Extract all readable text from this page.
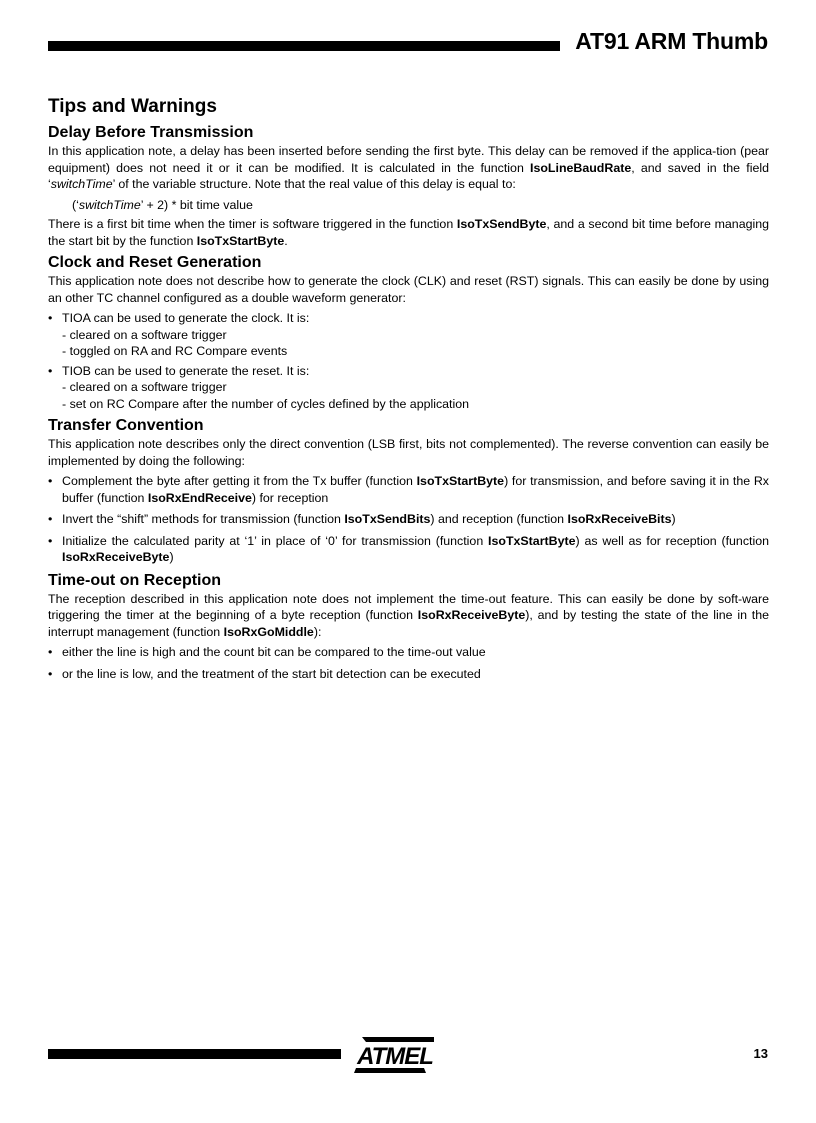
AT91 ARM Thumb
Tips and Warnings
Delay Before Transmission

In this application note, a delay has been inserted before sending the first byte. This delay can be removed if the applica-tion (pear equipment) does not need it or it can be modified. It is calculated in the function IsoLineBaudRate, and saved in the field ‘switchTime’ of the variable structure. Note that the real value of this delay is equal to:

(‘switchTime’ + 2) * bit time value

There is a first bit time when the timer is software triggered in the function IsoTxSendByte, and a second bit time before managing the start bit by the function IsoTxStartByte.

Clock and Reset Generation

This application note does not describe how to generate the clock (CLK) and reset (RST) signals. This can easily be done by using an other TC channel configured as a double waveform generator:

• TIOA can be used to generate the clock. It is:
- cleared on a software trigger
- toggled on RA and RC Compare events
• TIOB can be used to generate the reset. It is:
- cleared on a software trigger
- set on RC Compare after the number of cycles defined by the application
Transfer Convention

This application note describes only the direct convention (LSB first, bits not complemented). The reverse convention can easily be implemented by doing the following:

• Complement the byte after getting it from the Tx buffer (function IsoTxStartByte) for transmission, and before saving it in the Rx buffer (function IsoRxEndReceive) for reception
• Invert the “shift” methods for transmission (function IsoTxSendBits) and reception (function IsoRxReceiveBits)
• Initialize the calculated parity at ‘1’ in place of ‘0’ for transmission (function IsoTxStartByte) as well as for reception (function IsoRxReceiveByte)
Time-out on Reception

The reception described in this application note does not implement the time-out feature. This can easily be done by soft-ware triggering the timer at the beginning of a byte reception (function IsoRxReceiveByte), and by testing the state of the line in the interrupt management (function IsoRxGoMiddle):

• either the line is high and the count bit can be compared to the time-out value
• or the line is low, and the treatment of the start bit detection can be executed
ATMEL	13
